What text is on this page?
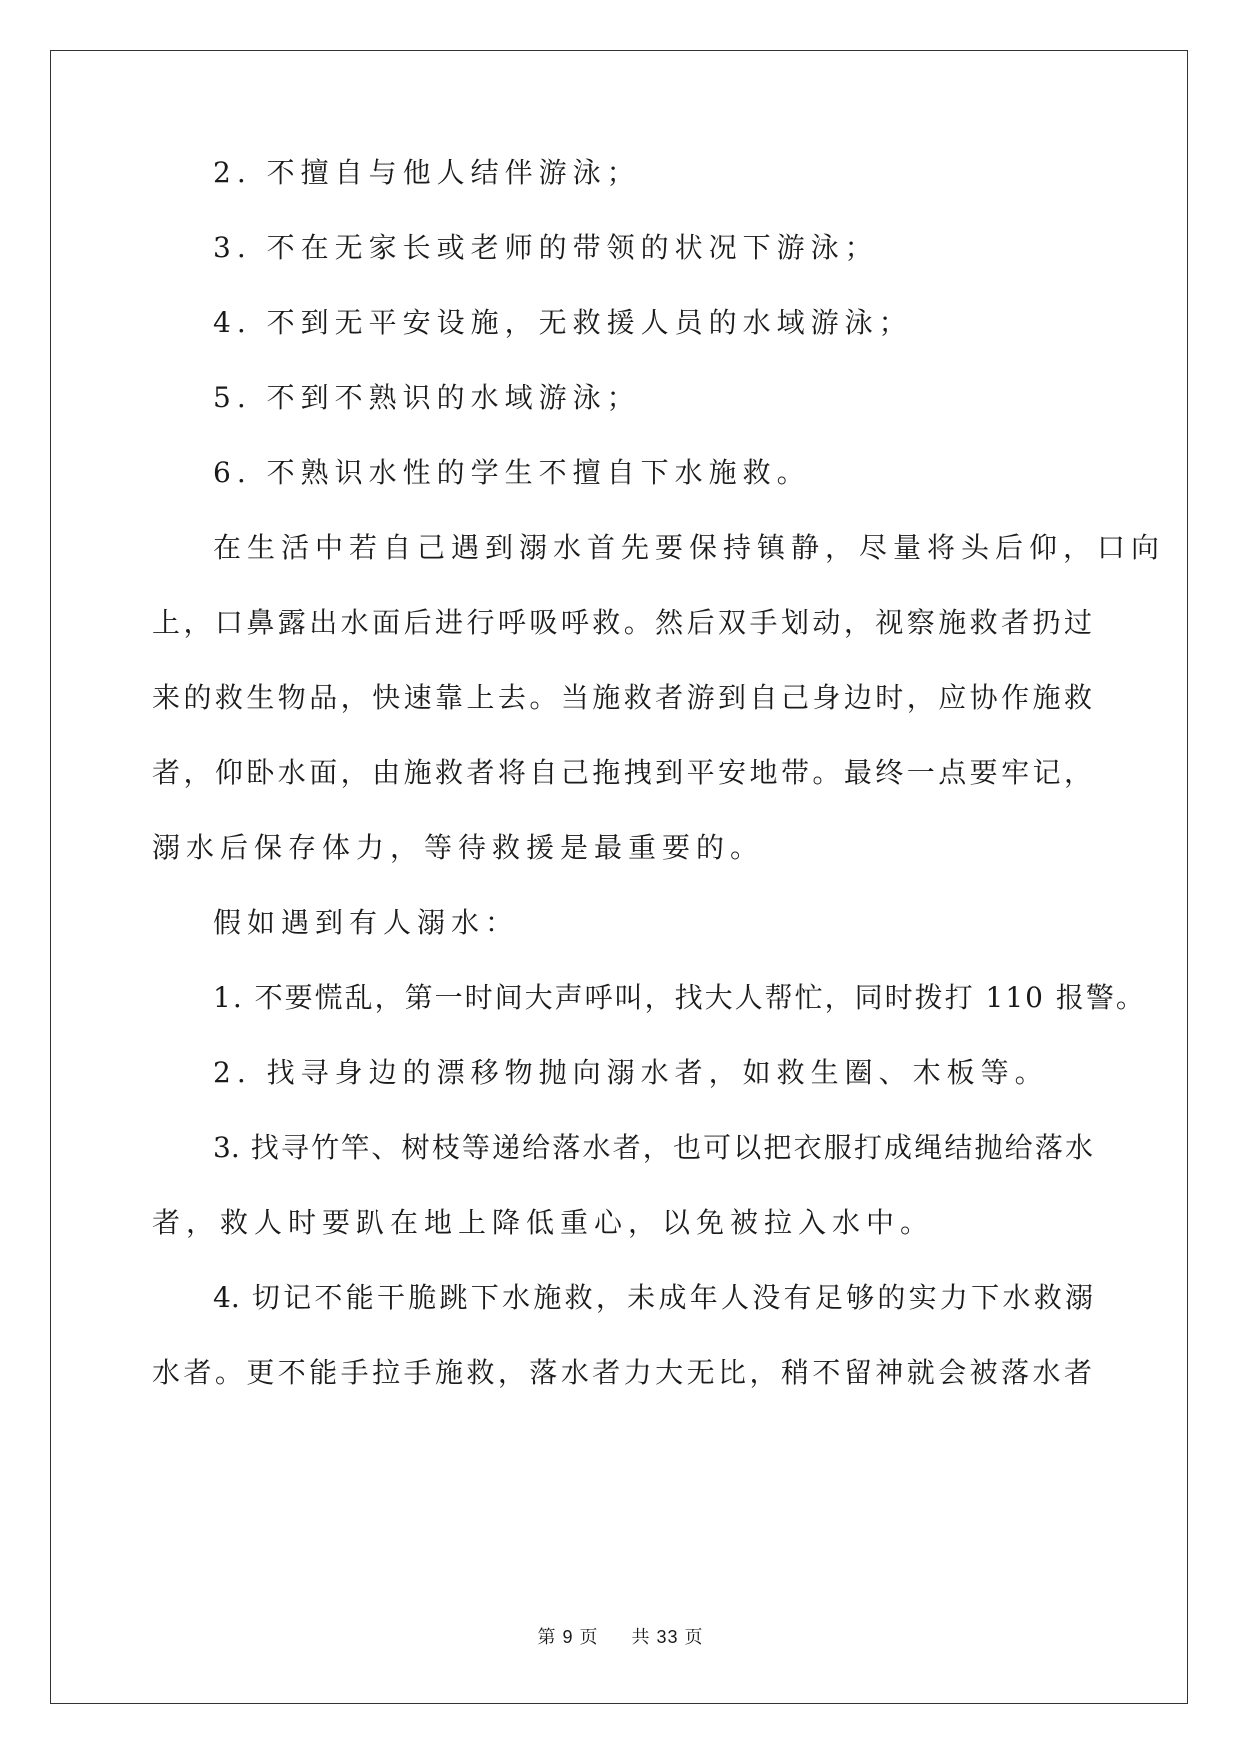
2. 不擅自与他人结伴游泳；
3. 不在无家长或老师的带领的状况下游泳；
4. 不到无平安设施，无救援人员的水域游泳；
5. 不到不熟识的水域游泳；
6. 不熟识水性的学生不擅自下水施救。
在生活中若自己遇到溺水首先要保持镇静，尽量将头后仰，口向
上，口鼻露出水面后进行呼吸呼救。然后双手划动，视察施救者扔过
来的救生物品，快速靠上去。当施救者游到自己身边时，应协作施救
者，仰卧水面，由施救者将自己拖拽到平安地带。最终一点要牢记，
溺水后保存体力，等待救援是最重要的。
假如遇到有人溺水：
1. 不要慌乱，第一时间大声呼叫，找大人帮忙，同时拨打 110 报警。
2. 找寻身边的漂移物抛向溺水者，如救生圈、木板等。
3. 找寻竹竿、树枝等递给落水者，也可以把衣服打成绳结抛给落水
者，救人时要趴在地上降低重心，以免被拉入水中。
4. 切记不能干脆跳下水施救，未成年人没有足够的实力下水救溺
水者。更不能手拉手施救，落水者力大无比，稍不留神就会被落水者
第 9 页 共 33 页
